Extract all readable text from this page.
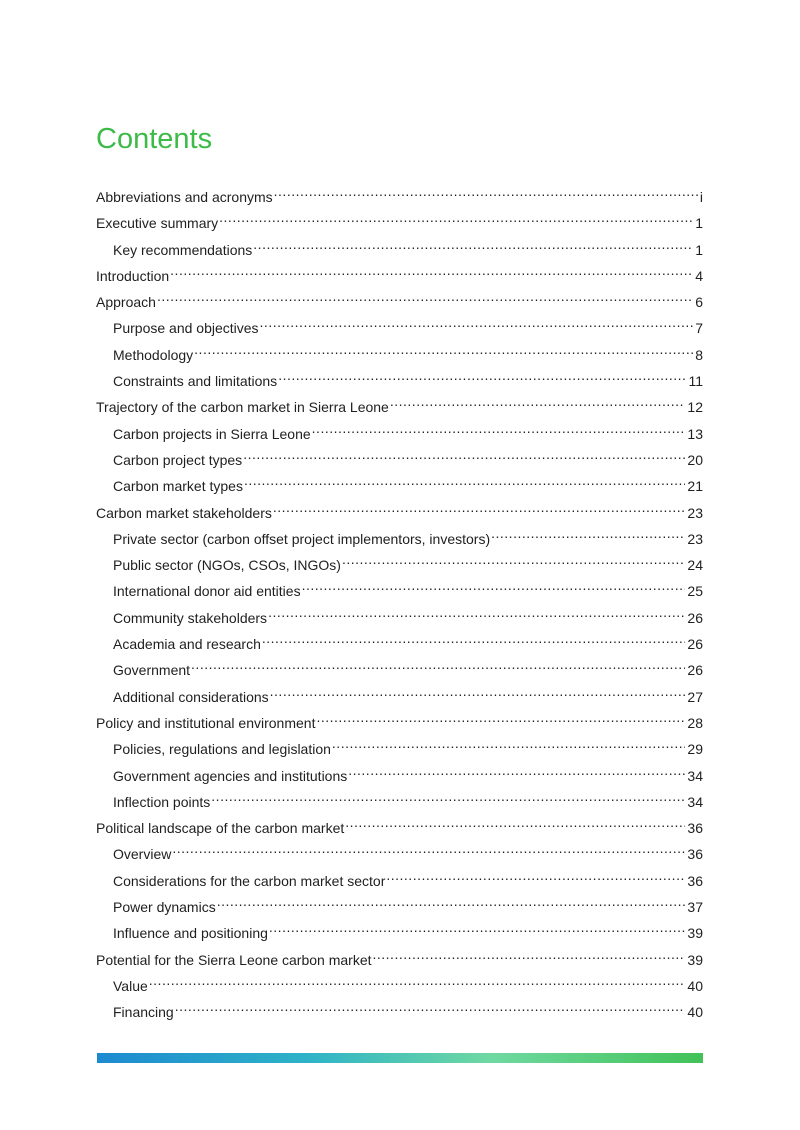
Contents
Abbreviations and acronyms .....	i
Executive summary .....	1
Key recommendations .....	1
Introduction .....	4
Approach .....	6
Purpose and objectives .....	7
Methodology .....	8
Constraints and limitations .....	11
Trajectory of the carbon market in Sierra Leone .....	12
Carbon projects in Sierra Leone .....	13
Carbon project types .....	20
Carbon market types .....	21
Carbon market stakeholders .....	23
Private sector (carbon offset project implementors, investors) .....	23
Public sector (NGOs, CSOs, INGOs) .....	24
International donor aid entities .....	25
Community stakeholders .....	26
Academia and research .....	26
Government .....	26
Additional considerations .....	27
Policy and institutional environment .....	28
Policies, regulations and legislation .....	29
Government agencies and institutions .....	34
Inflection points .....	34
Political landscape of the carbon market .....	36
Overview .....	36
Considerations for the carbon market sector .....	36
Power dynamics .....	37
Influence and positioning .....	39
Potential for the Sierra Leone carbon market .....	39
Value .....	40
Financing .....	40
